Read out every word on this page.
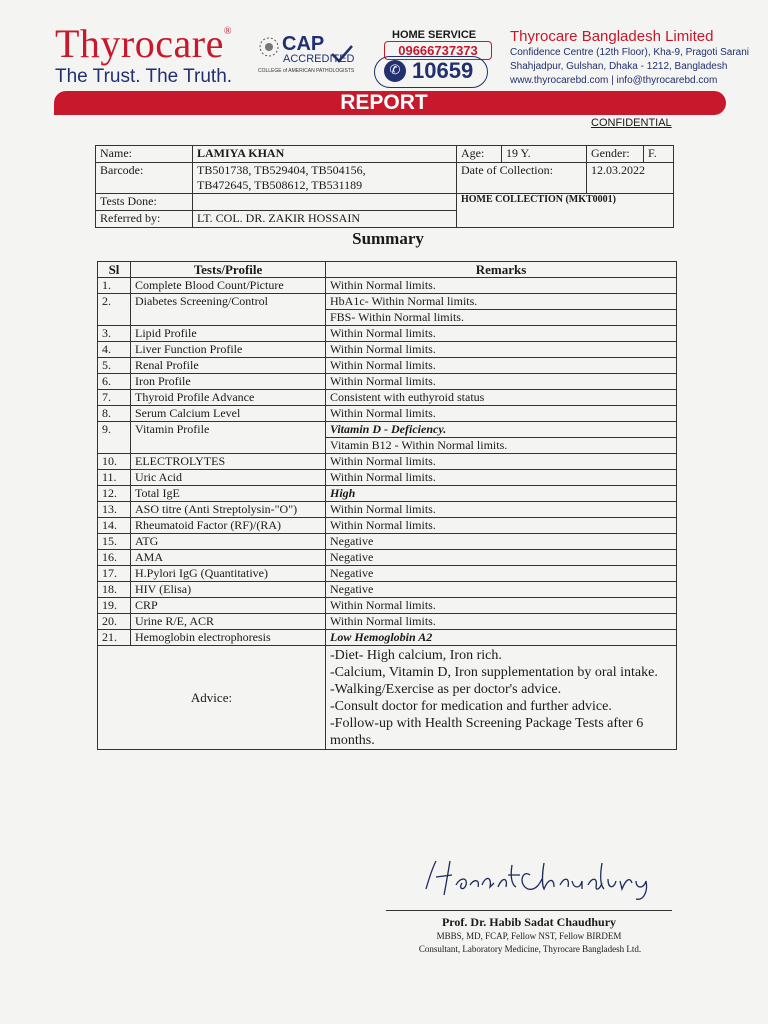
Thyrocare®
The Trust. The Truth.
CAP
ACCREDITED
COLLEGE of AMERICAN PATHOLOGISTS
HOME SERVICE
09666737373
✆ 10659
Thyrocare Bangladesh Limited
Confidence Centre (12th Floor), Kha-9, Pragoti Sarani
Shahjadpur, Gulshan, Dhaka - 1212, Bangladesh
www.thyrocarebd.com | info@thyrocarebd.com
REPORT
CONFIDENTIAL
Name:	LAMIYA KHAN	Age:	19 Y.	Gender:	F.
Barcode:	TB501738, TB529404, TB504156,
TB472645, TB508612, TB531189	Date of Collection:		12.03.2022	
Tests Done:		HOME COLLECTION (MKT0001)			
Referred by:	LT. COL. DR. ZAKIR HOSSAIN				
Summary
Sl	Tests/Profile	Remarks
1.	Complete Blood Count/Picture	Within Normal limits.
2.	Diabetes Screening/Control	HbA1c- Within Normal limits.
		FBS- Within Normal limits.
3.	Lipid Profile	Within Normal limits.
4.	Liver Function Profile	Within Normal limits.
5.	Renal Profile	Within Normal limits.
6.	Iron Profile	Within Normal limits.
7.	Thyroid Profile Advance	Consistent with euthyroid status
8.	Serum Calcium Level	Within Normal limits.
9.	Vitamin Profile	Vitamin D - Deficiency.
		Vitamin B12 - Within Normal limits.
10.	ELECTROLYTES	Within Normal limits.
11.	Uric Acid	Within Normal limits.
12.	Total IgE	High
13.	ASO titre (Anti Streptolysin-"O")	Within Normal limits.
14.	Rheumatoid Factor (RF)/(RA)	Within Normal limits.
15.	ATG	Negative
16.	AMA	Negative
17.	H.Pylori IgG (Quantitative)	Negative
18.	HIV (Elisa)	Negative
19.	CRP	Within Normal limits.
20.	Urine R/E, ACR	Within Normal limits.
21.	Hemoglobin electrophoresis	Low Hemoglobin A2
Advice:		-Diet- High calcium, Iron rich.
-Calcium, Vitamin D, Iron supplementation by oral intake.
-Walking/Exercise as per doctor's advice.
-Consult doctor for medication and further advice.
-Follow-up with Health Screening Package Tests after 6 months.
Prof. Dr. Habib Sadat Chaudhury
MBBS, MD, FCAP, Fellow NST, Fellow BIRDEM
Consultant, Laboratory Medicine, Thyrocare Bangladesh Ltd.
